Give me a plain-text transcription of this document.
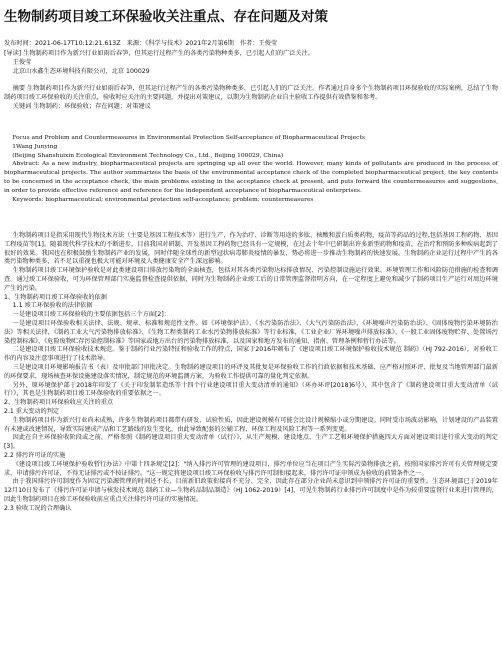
生物制药项目竣工环保验收关注重点、存在问题及对策
发布时间：2021-06-17T10:12:21.613Z　来源：《科学与技术》2021年2月第6期　作者：王俊莹

[导读] 生物制药项目作为新兴行业如雨后春笋，但其运行过程产生的各类污染物种类多，已引起人们的广泛关注。

王俊莹

北京山水鑫生态环境科技有限公司，北京 100029

摘要 生物制药项目作为新兴行业如雨后春笋，但其运行过程产生的各类污染物种类多，已引起人们的广泛关注。作者通过自身多个生物制药项目环保验收的实际案例，总结了生物制药项目竣工环保验收的关注重点，验收时应关注的主要问题，并提出对策建议，以期为生物制药企业自主验收工作提供有效借鉴和参考。

关键词 生物制药；环保验收；存在问题；对策建议

Focus and Problem and Countermeasures in Environmental Protection Self-acceptance of Biopharmaceutical Projects

1Wang Junying

(Beijing Shanshuixin Ecological Environment Technology Co., Ltd., Beijing 100029, China)

Abstract: As a new industry, biopharmaceutical projects are springing up all over the world. However, many kinds of pollutants are produced in the process of biopharmaceutical projects. The author summarizes the basis of the environmental acceptance check of the completed biopharmaceutical project, the key contents to be concerned in the acceptance check, the main problems existing in the acceptance check at present, and puts forward the countermeasures and suggestions, in order to provide effective reference and reference for the independent acceptance of biopharmaceutical enterprises.

Keywords: biopharmaceutical; environmental protection self-acceptance; problem; countermeasures

生物制药项目是指采用现代生物技术方法（主要是基因工程技术等）进行生产，作为治疗、诊断等用途的多肽、核酸和蛋白质类药物、疫苗等药品的过程,包括基因工程药物、基因工程疫苗等[1]。随着现代科学技术的不断进步，目前我国对研制、开发基因工程药物已经具有一定规模，在过去十年中已研制出许多新型药物和疫苗，在治疗和预防多种疾病起到了很好的效果。我国也在积极鼓励生物制药产业的发展，同时伴随全球性的新型冠状病毒肺炎疫情的暴发，势必将进一步推动生物制药的快速发展。生物制药企业运行过程中产生的各类污染物种类多，若不足以重视也极大可能对环境及人类健康安全产生深远影响。

生物制药项目竣工环境保护验收是对此类建设项目排放污染物的全面核查，包括对其各类污染物达标排放情况、污染控制设施运行效果、环境管理工作和风险防范措施的检查和调查。通过竣工环保验收，可为环保管理部门实施监督检查提供依据，同时为生物制药企业竣工后的日常管理监督指明方向，在一定程度上避免和减少了制药项目生产运行对周边环境产生的污染。

1、生物制药项目竣工环保验收的依据

1.1 竣工环保验收的法律依据

一是建设项目竣工环保验收的主要依据包括三个方面[2]：

一是建设项目环保验收相关法律、法规、规章、标准和规范性文件。如《环境保护法》、《水污染防治法》、《大气污染防治法》、《环境噪声污染防治法》、《固体废物污染环境防治法》等相关法律，《制药工业大气污染物排放标准》、《生物工程类制药工业水污染物排放标准》等行业标准，《工业企业厂界环境噪声排放标准》、《一般工业固体废物贮存、处置场污染控制标准》、《危险废物贮存污染控制标准》等国家或地方出台的污染物排放标准，以及国家和地方发布的通知、指南、管理条例和暂行办法等。

二是建设项目竣工环保验收技术规范。鉴于制药行业污染特征和验收工作的特点，国家于2016年颁布了《建设项目竣工环境保护验收技术规范 制药》（HJ 792-2016），对验收工作的内容及注意事项进行了技术指导。

三是建设项目环境影响报告书（表）及审批部门审批决定。生物制药建设项目的环评及其批复是环保验收工作的行政依据和技术基础，应严格对照环评、批复及当地管理部门最新的环保要求，现场核查环保设施建设落实情况，制定规范的环境监测方案，为验收工作提供可靠的量化判定依据。

另外，原环境保护部于2018年印发了《关于印发制浆造纸等十四个行业建设项目重大变动清单的通知》（环办环评[2018]6号），其中包含了《制药建设项目重大变动清单（试行）》，其也是生物制药项目竣工环保验收的重要依据之一。

2、生物制药项目环保验收应关注的重点

2.1 重大变动的判定

生物制药项目作为新兴行业尚未成熟，许多生物制药项目都带有研发、试验性质，因此建设规模有可能会比设计规模缩小或分期建设。同时受市场波动影响，计划建设的产品装置有未建或改建情况，导致实际建成产品和工艺路线的发生变化，由此导致配套的公辅工程、环保工程及风险工程等一系列变更。

因此在自主环保验收阶段或之前，严格参照《制药建设项目重大变动清单（试行）》，从生产规模、建设地点、生产工艺和环境保护措施四大方面对建设项目进行重大变动的判定[3]。

2.2 排污许可证的实施

《建设项目竣工环境保护验收暂行办法》中第十四条规定[2]："纳入排污许可管理的建设项目，排污单位应当在项目产生实际污染物排放之前，按照国家排污许可有关管理规定要求，申请排污许可证，不得无证排污或不按证排污。"这一规定将建设项目竣工环保验收与排污许可制衔接起来，排污许可证申领成为验收的前置条件之一。

由于我国排污许可制度作为固定污染源管理的时间还不长，目前新旧政策衔接尚不充分、完全，因此存在部分企业尚未意识到申领排污许可证的重要性。生态环境部已于2019年12月10日发布了《排污许可证申请与核发技术规范 制药工业—生物药品制品制造》（HJ 1062-2019）[4]，可见生物制药行业排污许可制度中是作为较重要监督行业来进行管理的，因此生物制药项目在竣工环保验收前应重点关注排污许可证的实施情况。

2.3 验收工况的合理确认
